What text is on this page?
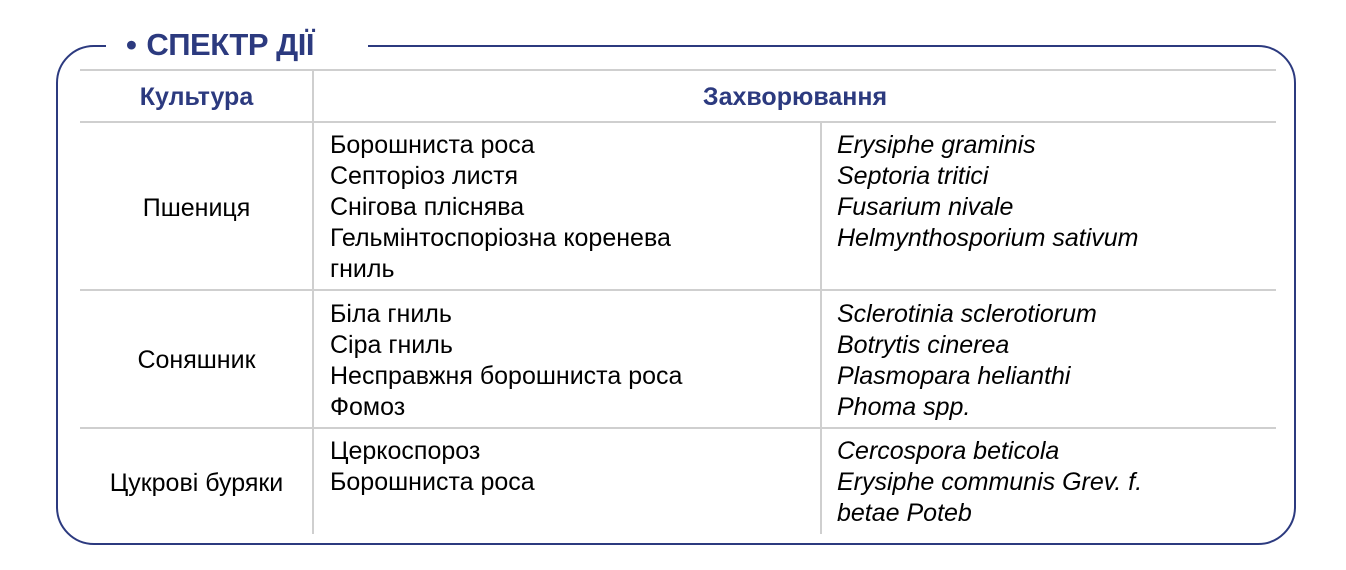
• СПЕКТР ДІЇ
Культура	Захворювання
Пшениця
Борошниста роса
Септоріоз листя
Снігова пліснява
Гельмінтоспоріозна коренева
гниль
Erysiphe graminis
Septoria tritici
Fusarium nivale
Helmynthosporium sativum
Соняшник
Біла гниль
Сіра гниль
Несправжня борошниста роса
Фомоз
Sclerotinia sclerotiorum
Botrytis cinerea
Plasmopara helianthi
Phoma spp.
Цукрові буряки
Церкоспороз
Борошниста роса
Cercospora beticola
Erysiphe communis Grev. f.
betae Poteb
